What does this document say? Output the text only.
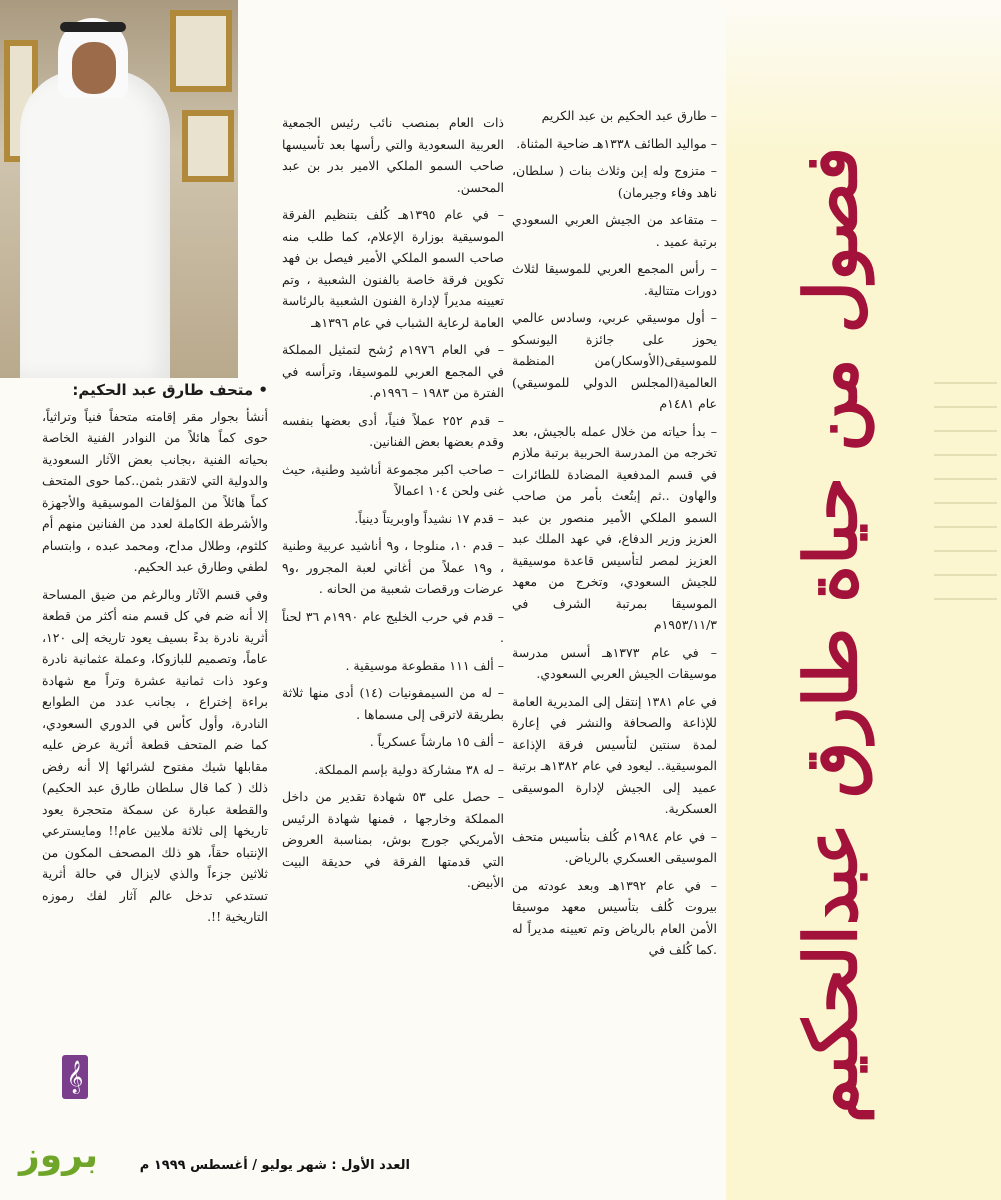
فصول من حياة طارق عبدالحكيم

– طارق عبد الحكيم بن عبد الكريم

– مواليد الطائف ١٣٣٨هـ ضاحية المثناة.

– متزوج وله إبن وثلاث بنات ( سلطان، ناهد وفاء وجيرمان)

– متقاعد من الجيش العربي السعودي برتبة عميد .

– رأس المجمع العربي للموسيقا لثلاث دورات متتالية.

– أول موسيقي عربي، وسادس عالمي يحوز على جائزة اليونسكو للموسيقى(الأوسكار)من المنظمة العالمية(المجلس الدولي للموسيقي) عام ١٤٨١م

– بدأ حياته من خلال عمله بالجيش، بعد تخرجه من المدرسة الحربية برتبة ملازم في قسم المدفعية المضادة للطائرات والهاون ..ثم إبتُعث بأمر من صاحب السمو الملكي الأمير منصور بن عبد العزيز وزير الدفاع، في عهد الملك عبد العزيز لمصر لتأسيس قاعدة موسيقية للجيش السعودي، وتخرج من معهد الموسيقا بمرتبة الشرف في ١٩٥٣/١١/٣م

– في عام ١٣٧٣هـ أسس مدرسة موسيقات الجيش العربي السعودي.

في عام ١٣٨١ إنتقل إلى المديرية العامة للإذاعة والصحافة والنشر في إعارة لمدة سنتين لتأسيس فرقة الإذاعة الموسيقية.. ليعود في عام ١٣٨٢هـ برتبة عميد إلى الجيش لإدارة الموسيقى العسكرية.

– في عام ١٩٨٤م كُلف بتأسيس متحف الموسيقى العسكري بالرياض.

– في عام ١٣٩٢هـ وبعد عودته من بيروت كُلف بتأسيس معهد موسيقا الأمن العام بالرياض وتم تعيينه مديراً له .كما كُلف في

ذات العام بمنصب نائب رئيس الجمعية العربية السعودية والتي رأسها بعد تأسيسها صاحب السمو الملكي الامير بدر بن عبد المحسن.

– في عام ١٣٩٥هـ كُلف بتنظيم الفرقة الموسيقية بوزارة الإعلام، كما طلب منه صاحب السمو الملكي الأمير فيصل بن فهد تكوين فرقة خاصة بالفنون الشعبية ، وتم تعيينه مديراً لإدارة الفنون الشعبية بالرئاسة العامة لرعاية الشباب في عام ١٣٩٦هـ

– في العام ١٩٧٦م رُشح لتمثيل المملكة في المجمع العربي للموسيقا، وترأسه في الفترة من ١٩٨٣ – ١٩٩٦م.

– قدم ٢٥٢ عملاً فنياً، أدى بعضها بنفسه وقدم بعضها بعض الفنانين.

– صاحب اكبر مجموعة أناشيد وطنية، حيث غنى ولحن ١٠٤ اعمالاً

– قدم ١٧ نشيداً واوبريتاً دينياً.

– قدم ١٠، منلوجا ، و٩ أناشيد عربية وطنية ، و١٩ عملاً من أغاني لعبة المجرور ،و٩ عرضات ورقصات شعبية من الحانه .

– قدم في حرب الخليج عام ١٩٩٠م ٣٦ لحناً .

– ألف ١١١ مقطوعة موسيقية .

– له من السيمفونيات (١٤) أدى منها ثلاثة بطريقة لاترقى إلى مسماها .

– ألف ١٥ مارشاً عسكرياً .

– له ٣٨ مشاركة دولية بإسم المملكة.

– حصل على ٥٣ شهادة تقدير من داخل المملكة وخارجها ، فمنها شهادة الرئيس الأمريكي جورج بوش، بمناسبة العروض التي قدمتها الفرقة في حديقة البيت الأبيض.

• متحف طارق عبد الحكيم:

أنشأ بجوار مقر إقامته متحفاً فنياً وتراثياً، حوى كماً هائلاً من النوادر الفنية الخاصة بحياته الفنية ،بجانب بعض الآثار السعودية والدولية التي لاتقدر بثمن..كما حوى المتحف كماً هائلاً من المؤلفات الموسيقية والأجهزة والأشرطة الكاملة لعدد من الفنانين منهم أم كلثوم، وطلال مداح، ومحمد عبده ، وابتسام لطفي وطارق عبد الحكيم.

وفي قسم الآثار وبالرغم من ضيق المساحة إلا أنه ضم في كل قسم منه أكثر من قطعة أثرية نادرة بدءً بسيف يعود تاريخه إلى ١٢٠، عاماً، وتصميم للبازوكا، وعملة عثمانية نادرة وعود ذات ثمانية عشرة وتراً مع شهادة براءة إختراع ، بجانب عدد من الطوابع النادرة، وأول كأس في الدوري السعودي، كما ضم المتحف قطعة أثرية عرض عليه مقابلها شيك مفتوح لشرائها إلا أنه رفض ذلك ( كما قال سلطان طارق عبد الحكيم) والقطعة عبارة عن سمكة متحجرة يعود تاريخها إلى ثلاثة ملايين عام!! ومايسترعي الإنتباه حقاً، هو ذلك المصحف المكون من ثلاثين جزءاً والذي لايزال في حالة أثرية تستدعي تدخل عالم آثار لفك رموزه التاريخية !!.

𝄞
بروز	العدد الأول : شهر يوليو / أغسطس ١٩٩٩ م
